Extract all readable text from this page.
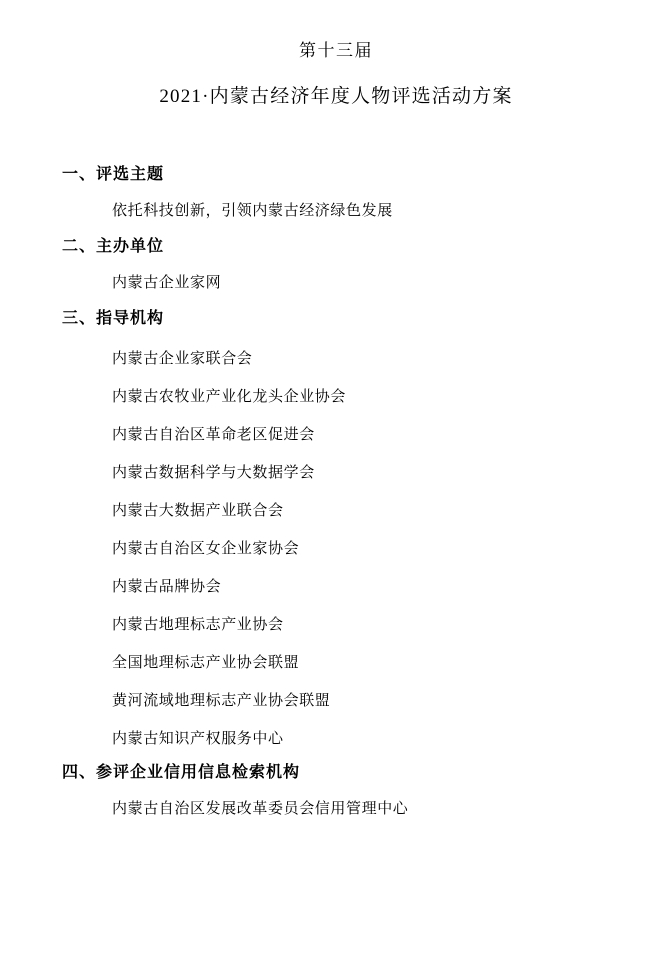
第十三届
2021·内蒙古经济年度人物评选活动方案
一、评选主题
依托科技创新，引领内蒙古经济绿色发展
二、主办单位
内蒙古企业家网
三、指导机构
内蒙古企业家联合会
内蒙古农牧业产业化龙头企业协会
内蒙古自治区革命老区促进会
内蒙古数据科学与大数据学会
内蒙古大数据产业联合会
内蒙古自治区女企业家协会
内蒙古品牌协会
内蒙古地理标志产业协会
全国地理标志产业协会联盟
黄河流域地理标志产业协会联盟
内蒙古知识产权服务中心
四、参评企业信用信息检索机构
内蒙古自治区发展改革委员会信用管理中心
